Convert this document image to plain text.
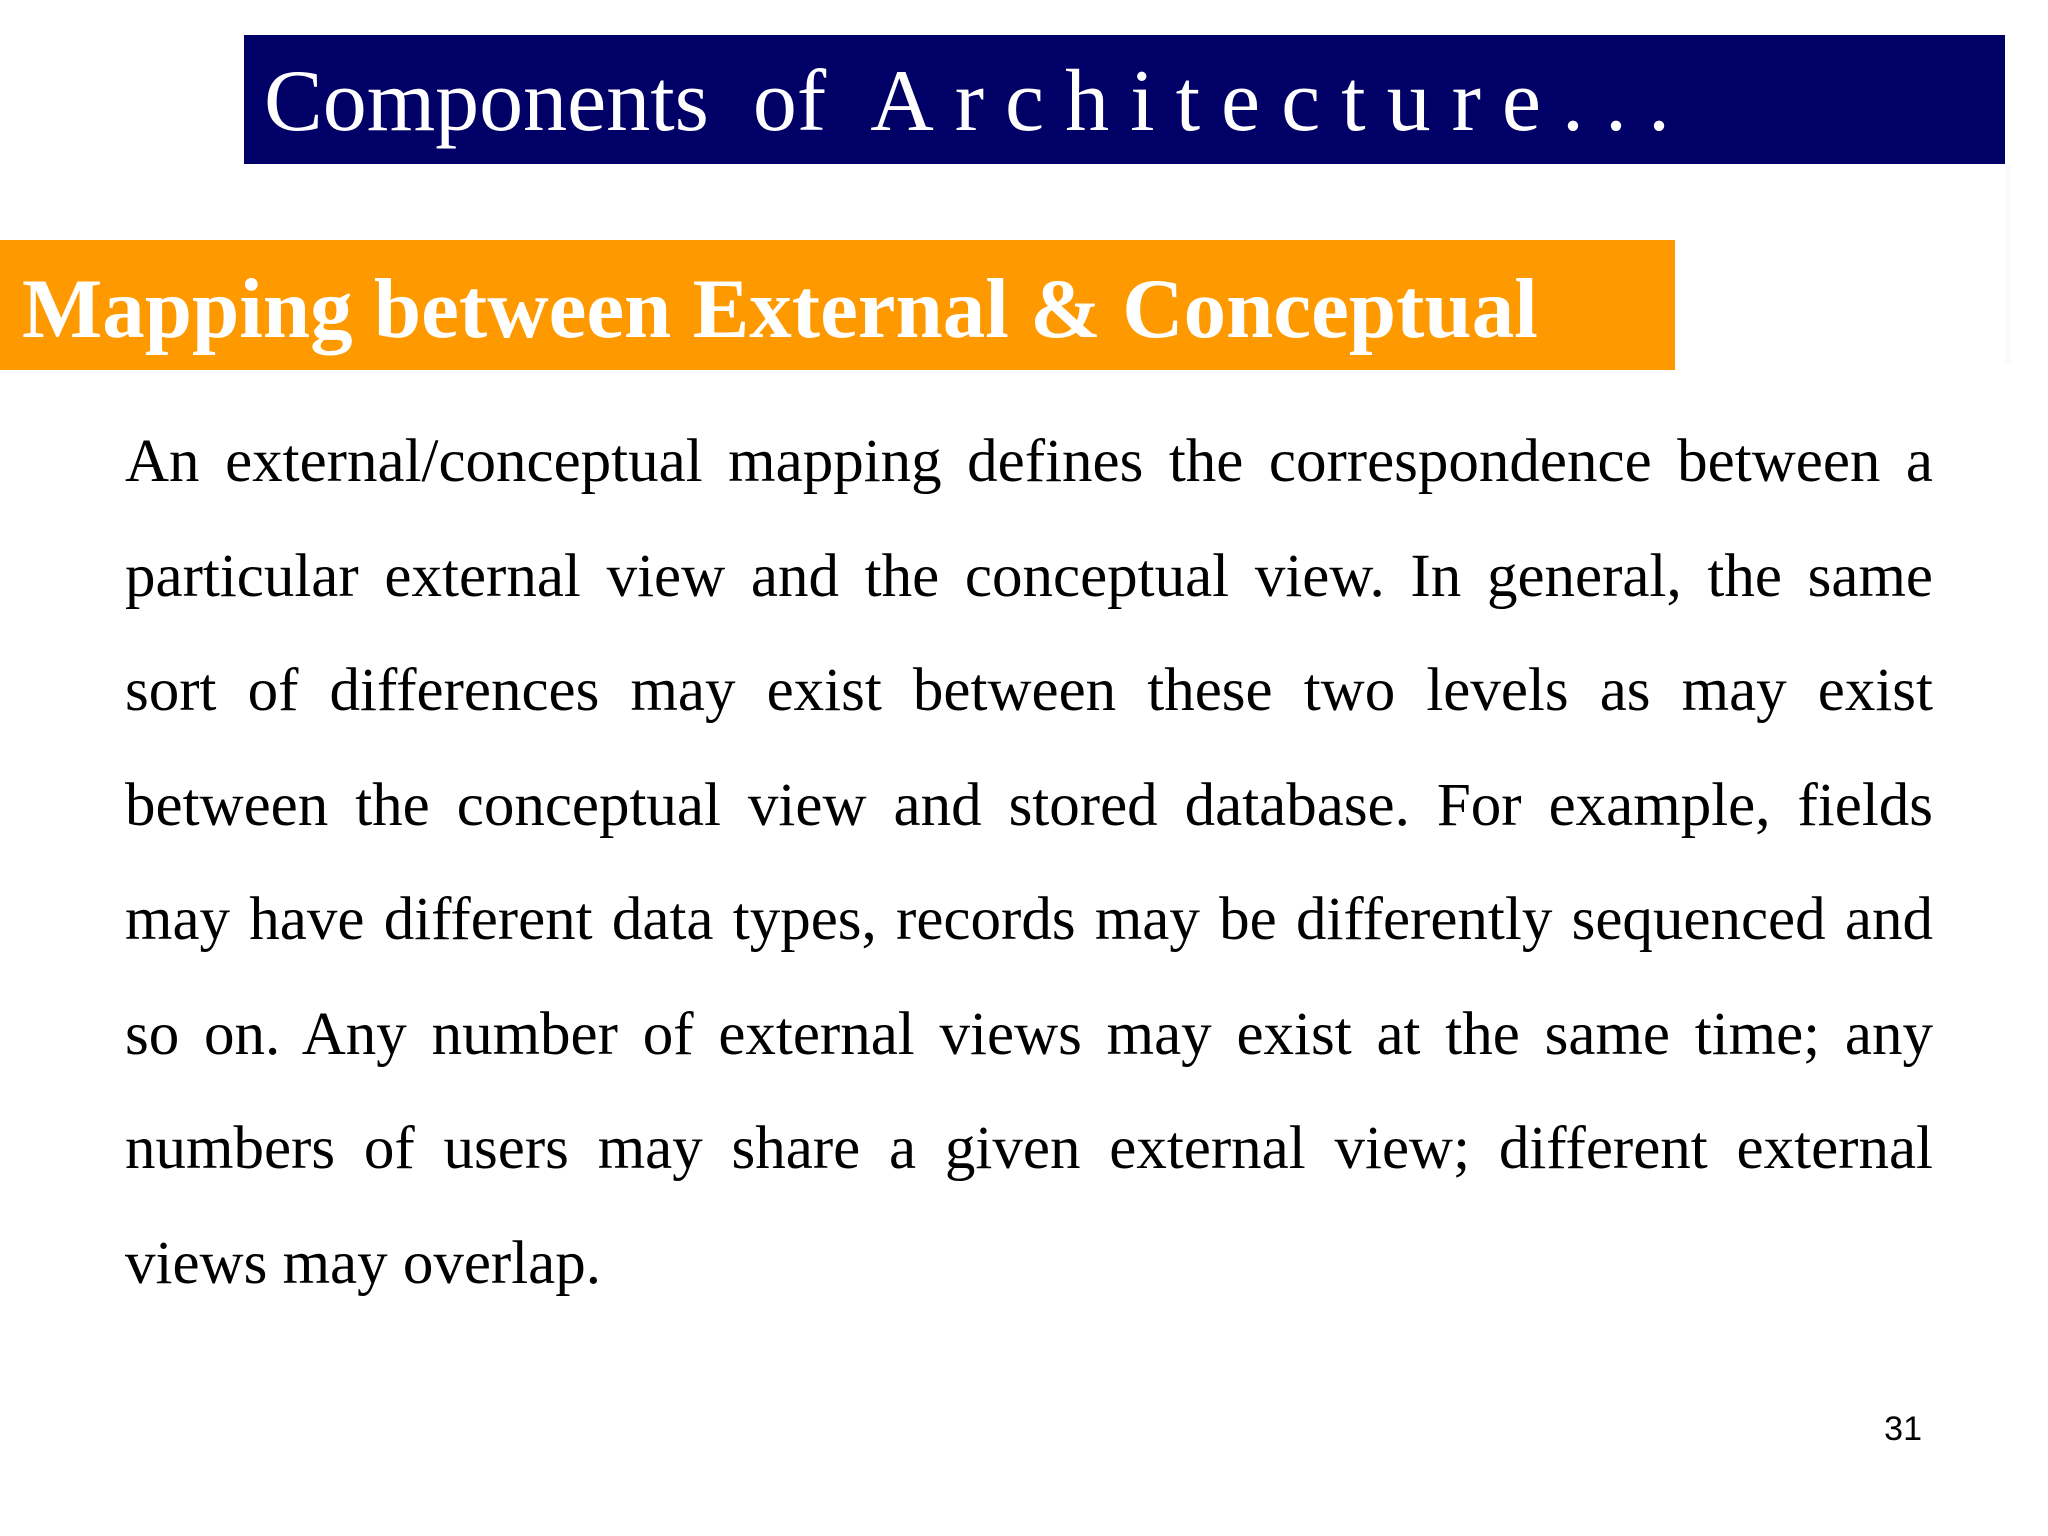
Components  of  Architecture...
Mapping between External & Conceptual

An external/conceptual mapping defines the correspondence between a particular external view and the conceptual view. In general, the same sort of differences may exist between these two levels as may exist between the conceptual view and stored database. For example, fields may have different data types, records may be differently sequenced and so on. Any number of external views may exist at the same time; any numbers of users may share a given external view; different external views may overlap.

31
